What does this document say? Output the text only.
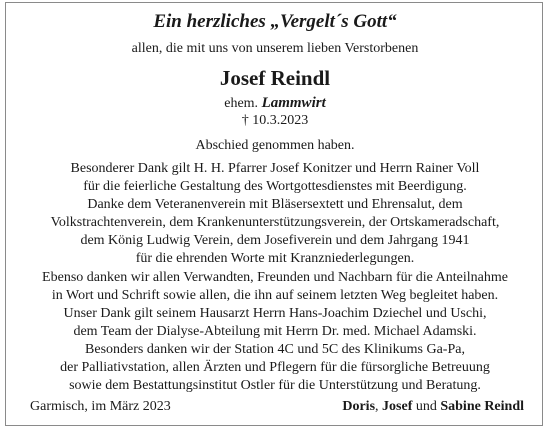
Ein herzliches „Vergelt´s Gott“
allen, die mit uns von unserem lieben Verstorbenen
Josef Reindl
ehem. Lammwirt
† 10.3.2023
Abschied genommen haben.
Besonderer Dank gilt H. H. Pfarrer Josef Konitzer und Herrn Rainer Voll
für die feierliche Gestaltung des Wortgottesdienstes mit Beerdigung.
Danke dem Veteranenverein mit Bläsersextett und Ehrensalut, dem
Volkstrachtenverein, dem Krankenunterstützungsverein, der Ortskameradschaft,
dem König Ludwig Verein, dem Josefiverein und dem Jahrgang 1941
für die ehrenden Worte mit Kranzniederlegungen.
Ebenso danken wir allen Verwandten, Freunden und Nachbarn für die Anteilnahme
in Wort und Schrift sowie allen, die ihn auf seinem letzten Weg begleitet haben.
Unser Dank gilt seinem Hausarzt Herrn Hans-Joachim Dziechel und Uschi,
dem Team der Dialyse-Abteilung mit Herrn Dr. med. Michael Adamski.
Besonders danken wir der Station 4C und 5C des Klinikums Ga-Pa,
der Palliativstation, allen Ärzten und Pflegern für die fürsorgliche Betreuung
sowie dem Bestattungsinstitut Ostler für die Unterstützung und Beratung.
Garmisch, im März 2023	Doris, Josef und Sabine Reindl
